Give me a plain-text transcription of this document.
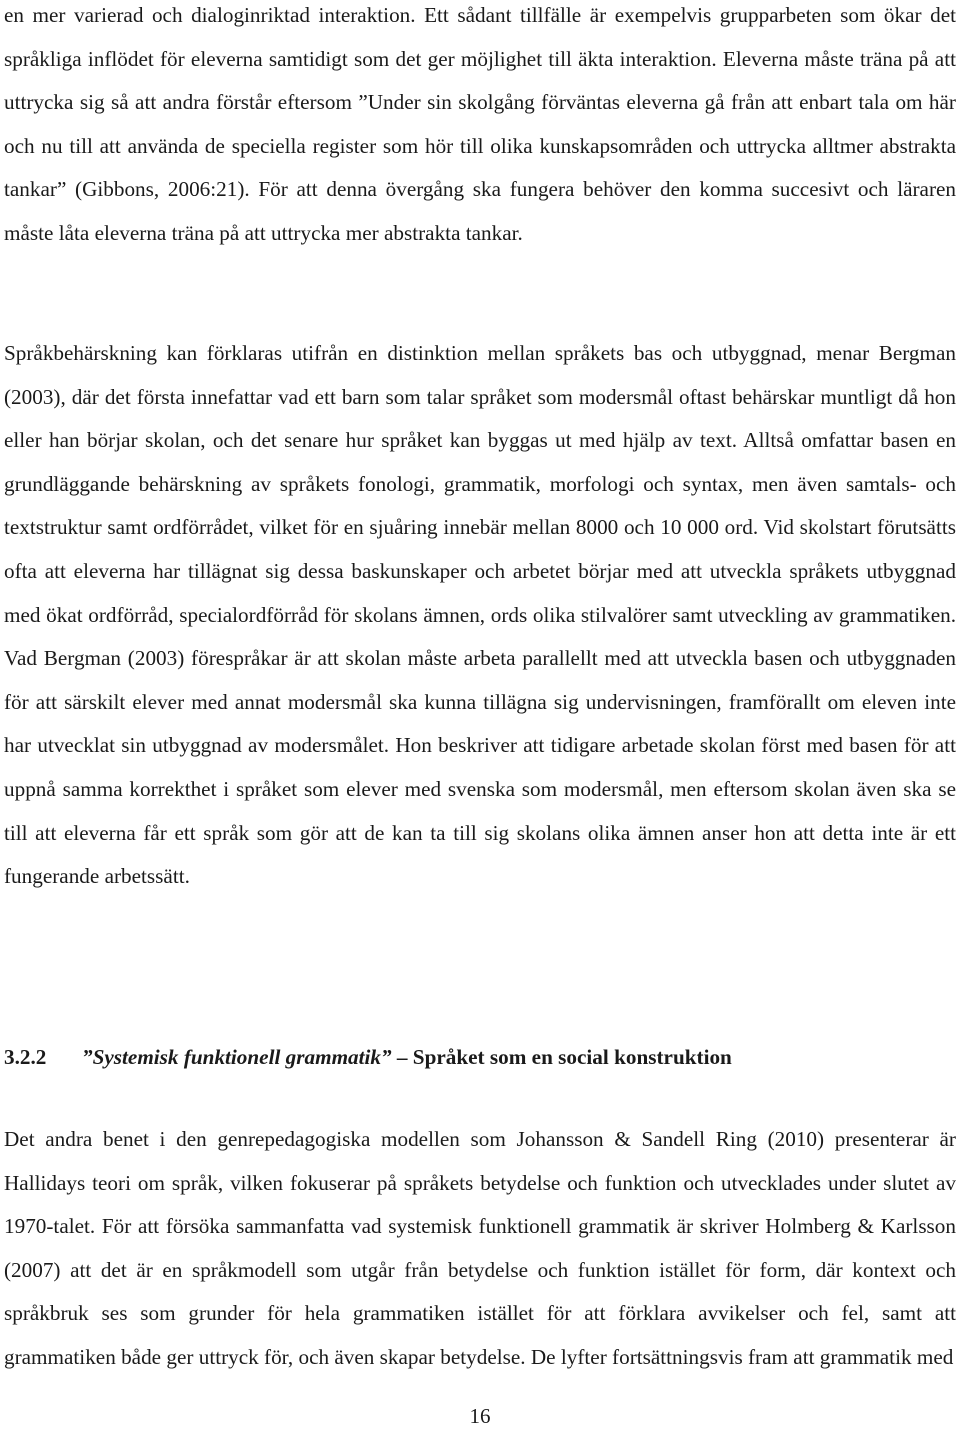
en mer varierad och dialoginriktad interaktion. Ett sådant tillfälle är exempelvis grupparbeten som ökar det språkliga inflödet för eleverna samtidigt som det ger möjlighet till äkta interaktion. Eleverna måste träna på att uttrycka sig så att andra förstår eftersom ”Under sin skolgång förväntas eleverna gå från att enbart tala om här och nu till att använda de speciella register som hör till olika kunskapsområden och uttrycka alltmer abstrakta tankar” (Gibbons, 2006:21). För att denna övergång ska fungera behöver den komma succesivt och läraren måste låta eleverna träna på att uttrycka mer abstrakta tankar.

Språkbehärskning kan förklaras utifrån en distinktion mellan språkets bas och utbyggnad, menar Bergman (2003), där det första innefattar vad ett barn som talar språket som modersmål oftast behärskar muntligt då hon eller han börjar skolan, och det senare hur språket kan byggas ut med hjälp av text. Alltså omfattar basen en grundläggande behärskning av språkets fonologi, grammatik, morfologi och syntax, men även samtals- och textstruktur samt ordförrådet, vilket för en sjuåring innebär mellan 8000 och 10 000 ord. Vid skolstart förutsätts ofta att eleverna har tillägnat sig dessa baskunskaper och arbetet börjar med att utveckla språkets utbyggnad med ökat ordförråd, specialordförråd för skolans ämnen, ords olika stilvalörer samt utveckling av grammatiken. Vad Bergman (2003) förespråkar är att skolan måste arbeta parallellt med att utveckla basen och utbyggnaden för att särskilt elever med annat modersmål ska kunna tillägna sig undervisningen, framförallt om eleven inte har utvecklat sin utbyggnad av modersmålet. Hon beskriver att tidigare arbetade skolan först med basen för att uppnå samma korrekthet i språket som elever med svenska som modersmål, men eftersom skolan även ska se till att eleverna får ett språk som gör att de kan ta till sig skolans olika ämnen anser hon att detta inte är ett fungerande arbetssätt.

3.2.2 ”Systemisk funktionell grammatik” – Språket som en social konstruktion

Det andra benet i den genrepedagogiska modellen som Johansson & Sandell Ring (2010) presenterar är Hallidays teori om språk, vilken fokuserar på språkets betydelse och funktion och utvecklades under slutet av 1970-talet. För att försöka sammanfatta vad systemisk funktionell grammatik är skriver Holmberg & Karlsson (2007) att det är en språkmodell som utgår från betydelse och funktion istället för form, där kontext och språkbruk ses som grunder för hela grammatiken istället för att förklara avvikelser och fel, samt att grammatiken både ger uttryck för, och även skapar betydelse. De lyfter fortsättningsvis fram att grammatik med

16
